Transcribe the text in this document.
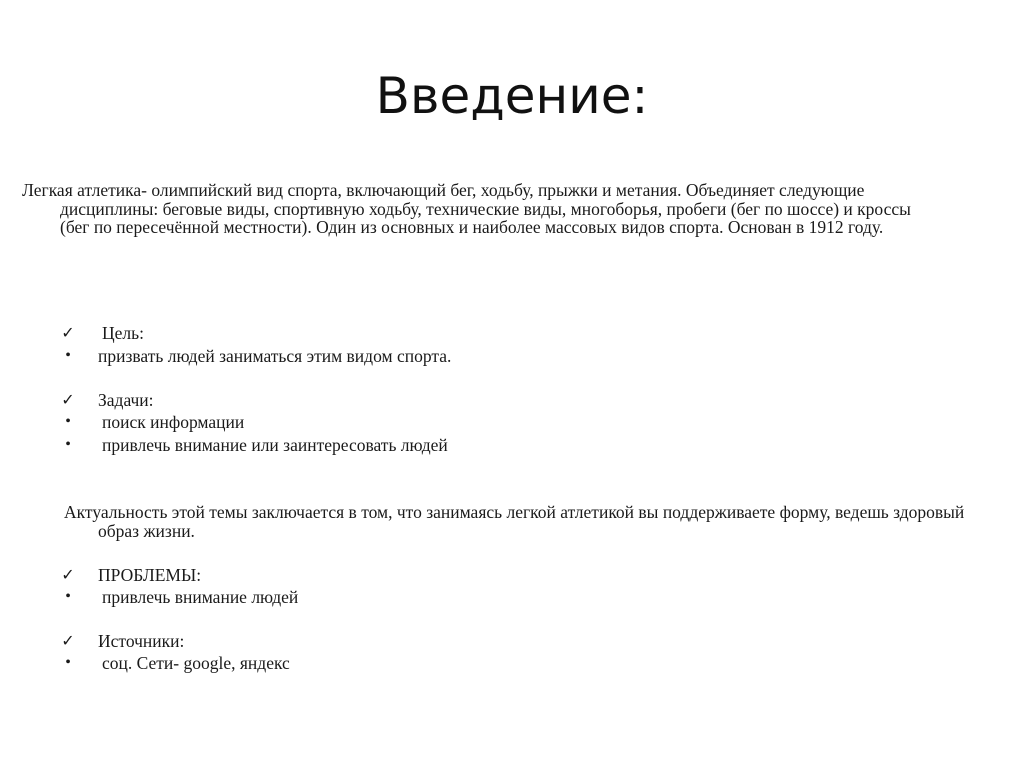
Введение:

Легкая атлетика- олимпийский вид спорта, включающий бег, ходьбу, прыжки и метания. Объединяет следующие дисциплины: беговые виды, спортивную ходьбу, технические виды, многоборья, пробеги (бег по шоссе) и кроссы (бег по пересечённой местности). Один из основных и наиболее массовых видов спорта. Основан в 1912 году.

✓ Цель:
•	призвать людей заниматься этим видом спорта.
✓ Задачи:
•	поиск информации
•	привлечь внимание или заинтересовать людей

Актуальность этой темы заключается в том, что занимаясь легкой атлетикой вы поддерживаете форму, ведешь здоровый образ жизни.

✓ ПРОБЛЕМЫ:
•	привлечь внимание людей
✓ Источники:
•	соц. Сети- google, яндекс
